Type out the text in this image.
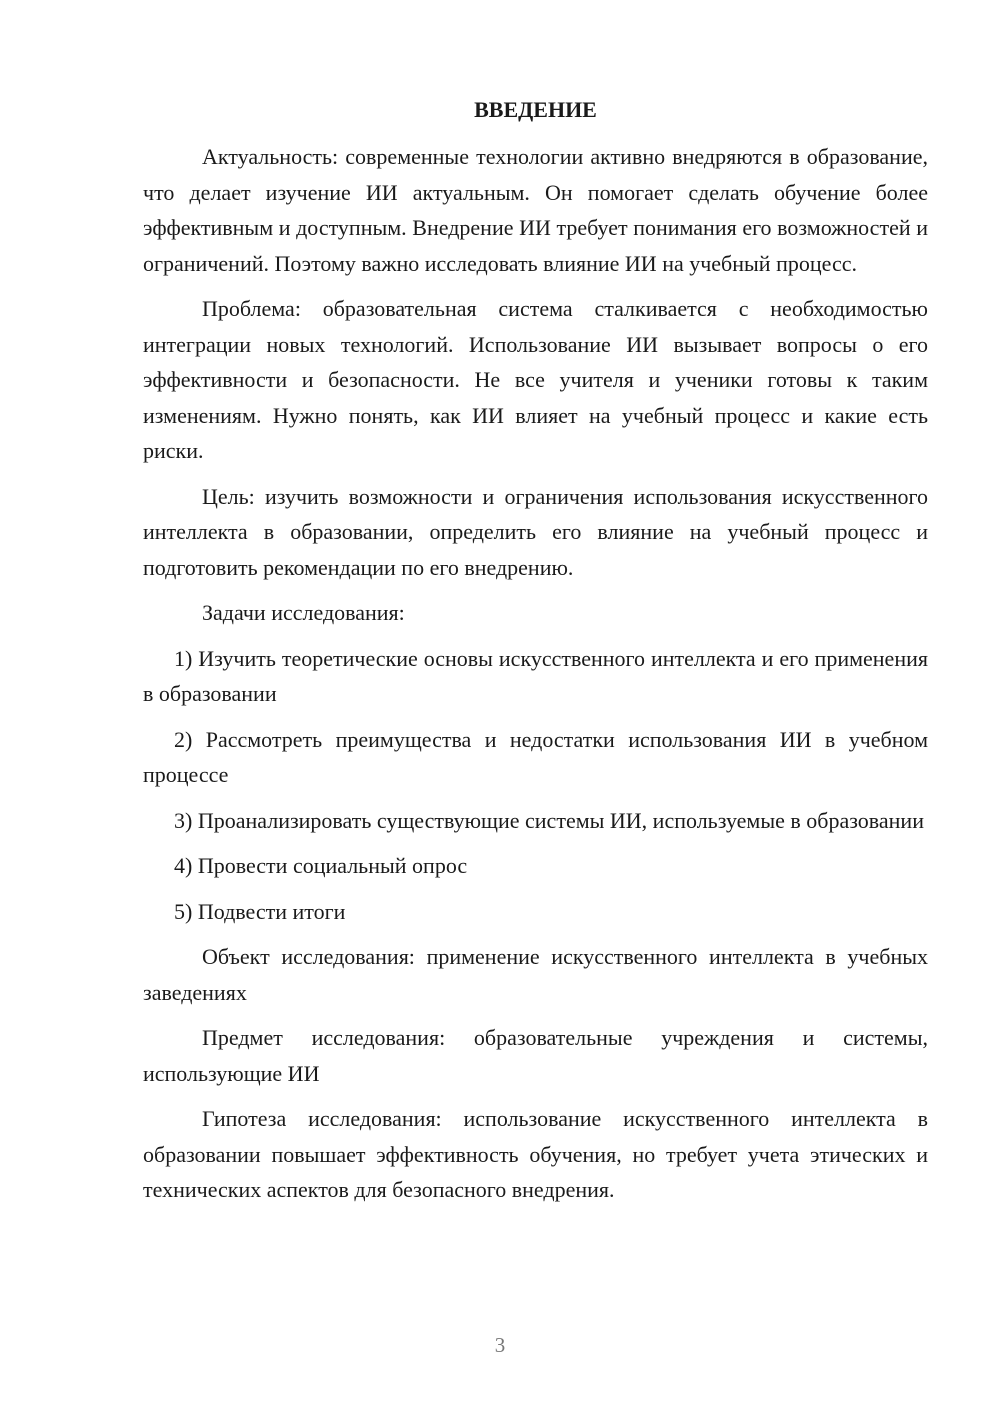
ВВЕДЕНИЕ

Актуальность: современные технологии активно внедряются в образование, что делает изучение ИИ актуальным. Он помогает сделать обучение более эффективным и доступным. Внедрение ИИ требует понимания его возможностей и ограничений. Поэтому важно исследовать влияние ИИ на учебный процесс.

Проблема: образовательная система сталкивается с необходимостью интеграции новых технологий. Использование ИИ вызывает вопросы о его эффективности и безопасности. Не все учителя и ученики готовы к таким изменениям. Нужно понять, как ИИ влияет на учебный процесс и какие есть риски.

Цель: изучить возможности и ограничения использования искусственного интеллекта в образовании, определить его влияние на учебный процесс и подготовить рекомендации по его внедрению.

Задачи исследования:

1) Изучить теоретические основы искусственного интеллекта и его применения в образовании

2) Рассмотреть преимущества и недостатки использования ИИ в учебном процессе

3) Проанализировать существующие системы ИИ, используемые в образовании

4) Провести социальный опрос

5) Подвести итоги

Объект исследования: применение искусственного интеллекта в учебных заведениях

Предмет исследования: образовательные учреждения и системы, использующие ИИ

Гипотеза исследования: использование искусственного интеллекта в образовании повышает эффективность обучения, но требует учета этических и технических аспектов для безопасного внедрения.

3
